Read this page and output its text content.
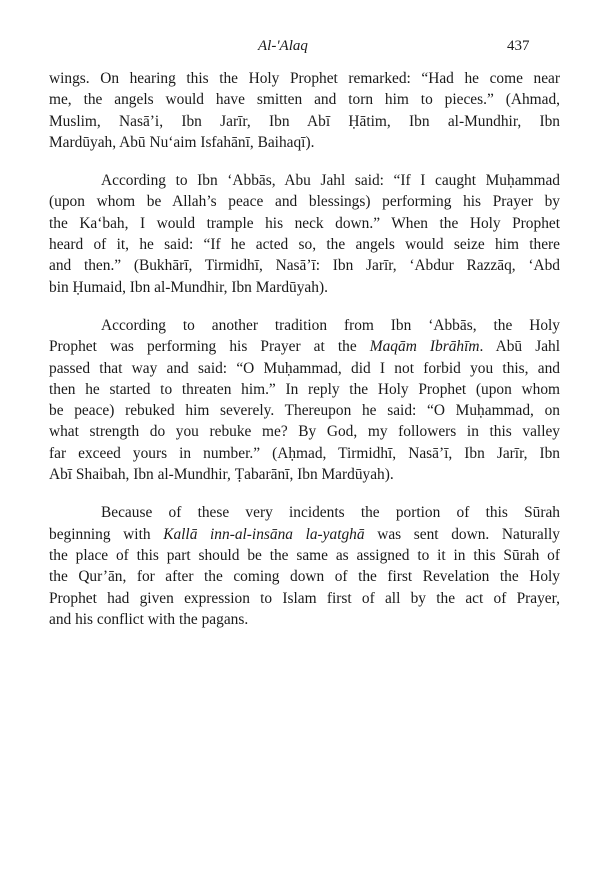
Al-'Alaq	437
wings. On hearing this the Holy Prophet remarked: “Had he come near
me, the angels would have smitten and torn him to pieces.” (Ahmad,
Muslim, Nasā’i, Ibn Jarīr, Ibn Abī Ḥātim, Ibn al-Mundhir, Ibn
Mardūyah, Abū Nu‘aim Isfahānī, Baihaqī).
According to Ibn ‘Abbās, Abu Jahl said: “If I caught Muḥammad
(upon whom be Allah’s peace and blessings) performing his Prayer by
the Ka‘bah, I would trample his neck down.” When the Holy Prophet
heard of it, he said: “If he acted so, the angels would seize him there
and then.” (Bukhārī, Tirmidhī, Nasā’ī: Ibn Jarīr, ‘Abdur Razzāq, ‘Abd
bin Ḥumaid, Ibn al-Mundhir, Ibn Mardūyah).
According to another tradition from Ibn ‘Abbās, the Holy
Prophet was performing his Prayer at the Maqām Ibrāhīm. Abū Jahl
passed that way and said: “O Muḥammad, did I not forbid you this, and
then he started to threaten him.” In reply the Holy Prophet (upon whom
be peace) rebuked him severely. Thereupon he said: “O Muḥammad, on
what strength do you rebuke me? By God, my followers in this valley
far exceed yours in number.” (Aḥmad, Tirmidhī, Nasā’ī, Ibn Jarīr, Ibn
Abī Shaibah, Ibn al-Mundhir, Ṭabarānī, Ibn Mardūyah).
Because of these very incidents the portion of this Sūrah
beginning with Kallā inn-al-insāna la-yatghā was sent down. Naturally
the place of this part should be the same as assigned to it in this Sūrah of
the Qur’ān, for after the coming down of the first Revelation the Holy
Prophet had given expression to Islam first of all by the act of Prayer,
and his conflict with the pagans.
